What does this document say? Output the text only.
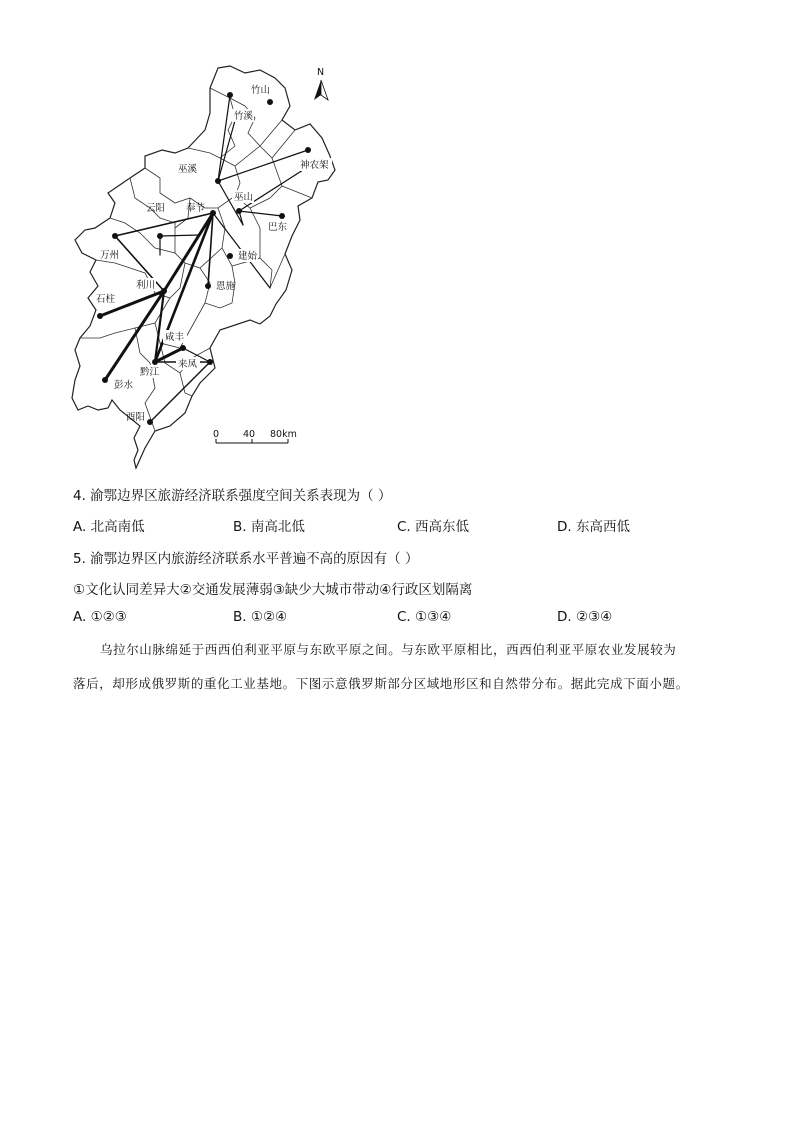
竹山
竹溪
巫溪	神农架
巫山
云阳 奉节
巴东
万州	建始
利川	恩施
石柱
咸丰
黔江
来凤
彭水
酉阳
N
0	40 80km
4. 渝鄂边界区旅游经济联系强度空间关系表现为（ ）
A. 北高南低	B. 南高北低	C. 西高东低	D. 东高西低
5. 渝鄂边界区内旅游经济联系水平普遍不高的原因有（ ）
①文化认同差异大②交通发展薄弱③缺少大城市带动④行政区划隔离
A. ①②③	B. ①②④	C. ①③④	D. ②③④
乌拉尔山脉绵延于西西伯利亚平原与东欧平原之间。与东欧平原相比，西西伯利亚平原农业发展较为
落后，却形成俄罗斯的重化工业基地。下图示意俄罗斯部分区域地形区和自然带分布。据此完成下面小题。
